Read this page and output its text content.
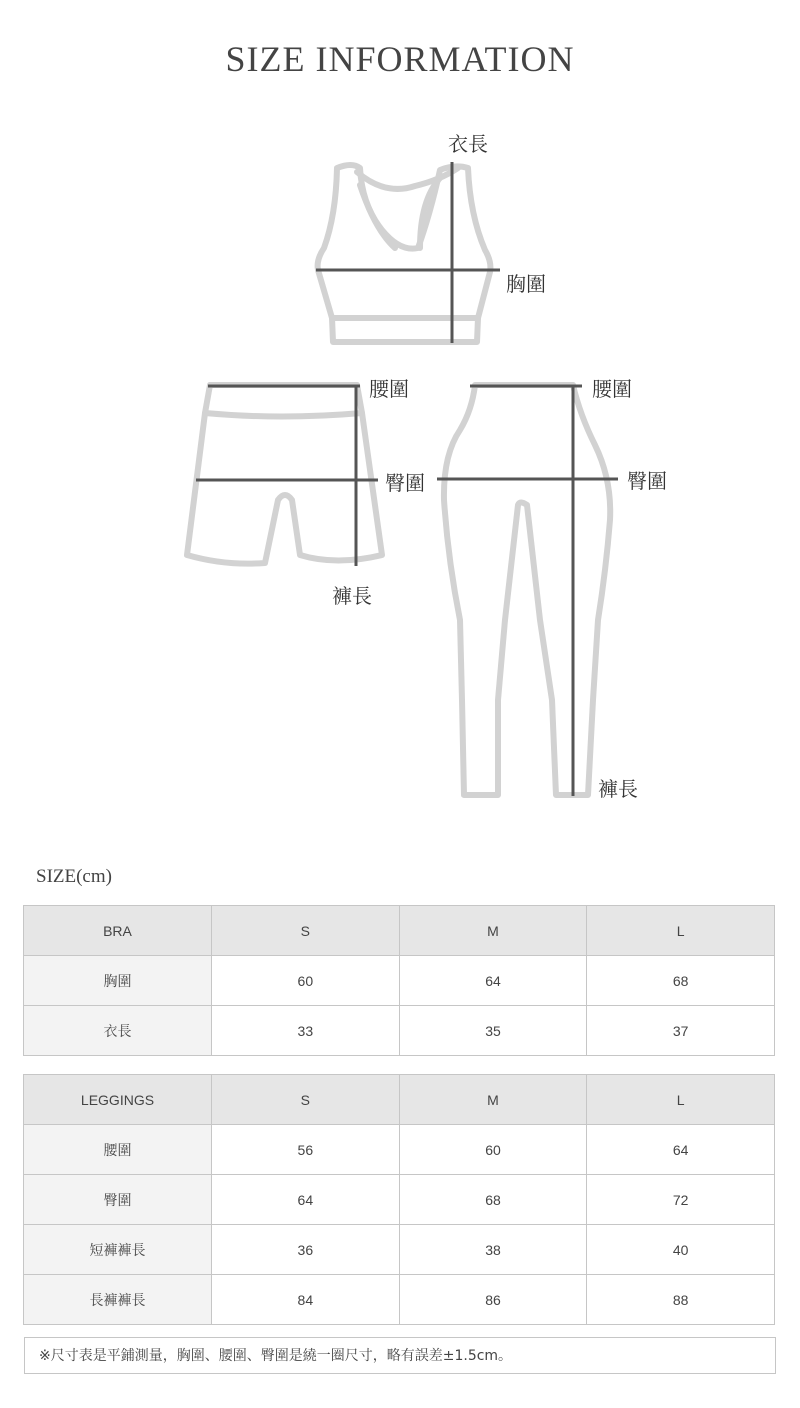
SIZE INFORMATION
衣長
胸圍
腰圍
臀圍
褲長
腰圍
臀圍
褲長
SIZE(cm)
BRA	S	M	L
胸圍	60	64	68
衣長	33	35	37
LEGGINGS	S	M	L
腰圍	56	60	64
臀圍	64	68	72
短褲褲長	36	38	40
長褲褲長	84	86	88
※尺寸表是平鋪測量，胸圍、腰圍、臀圍是繞一圈尺寸，略有誤差±1.5cm。
